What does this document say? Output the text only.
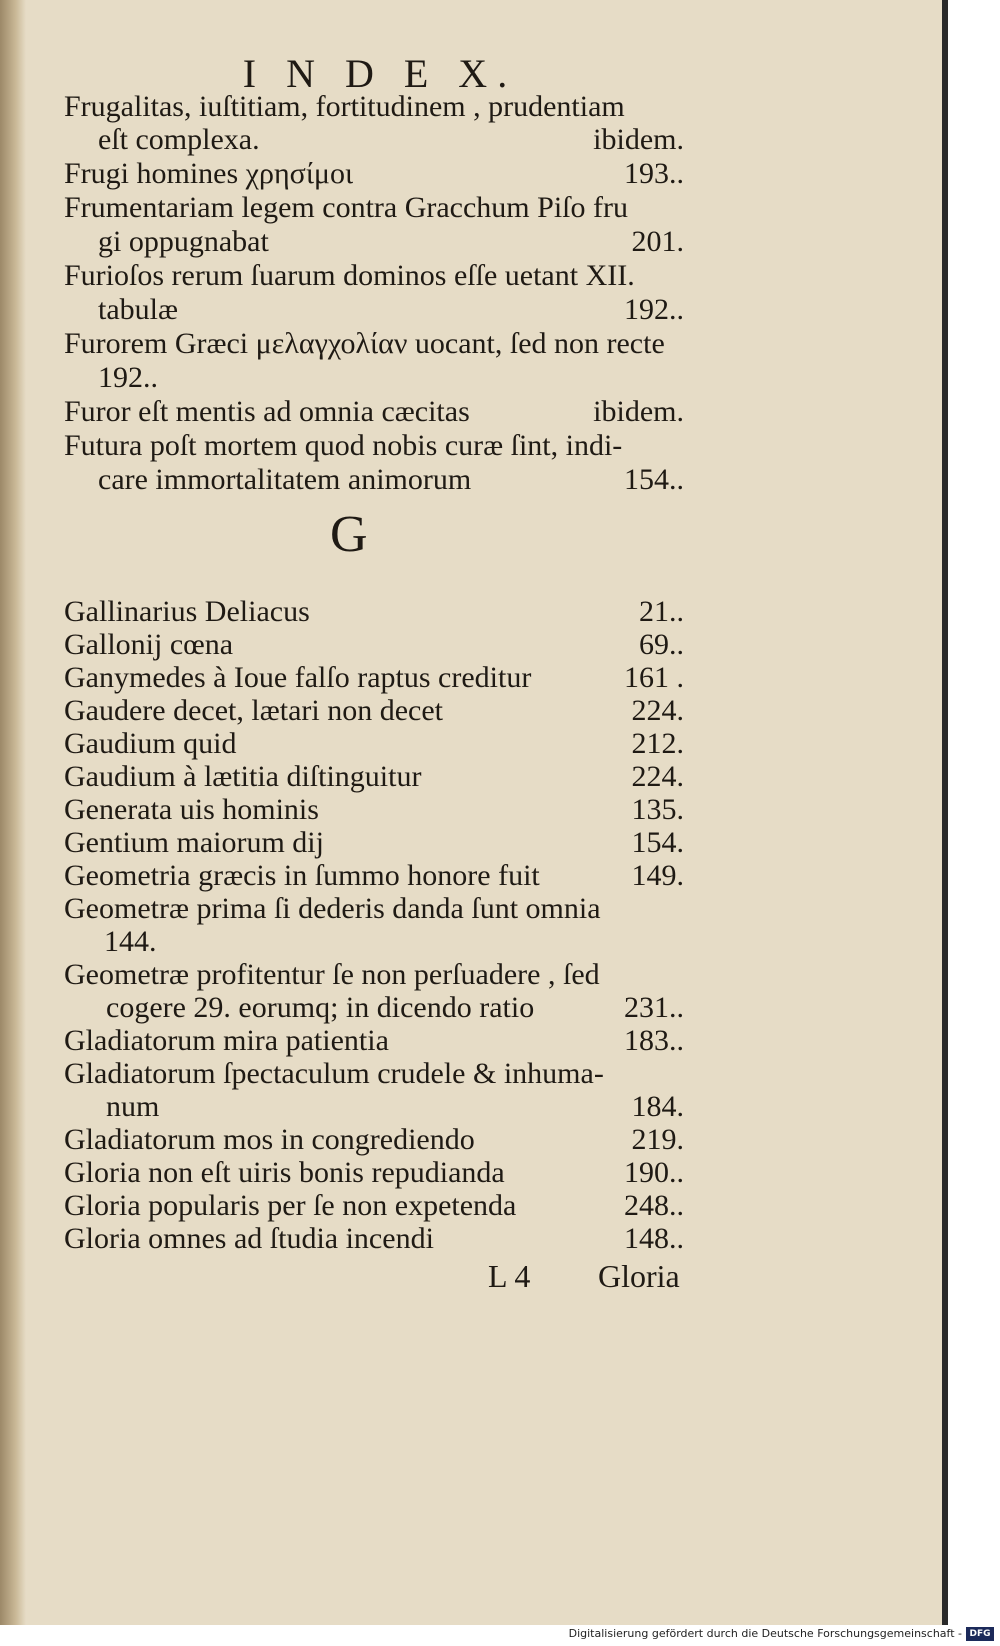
I N D E X.
Frugalitas, iuſtitiam, fortitudinem , prudentiam
eſt complexa.	ibidem.
Frugi homines χρησίμοι	193..
Frumentariam legem contra Gracchum Piſo fru
gi oppugnabat	201.
Furioſos rerum ſuarum dominos eſſe uetant XII.
tabulæ	192..
Furorem Græci μελαγχολίαν uocant, ſed non recte
192..
Furor eſt mentis ad omnia cæcitas	ibidem.
Futura poſt mortem quod nobis curæ ſint, indi-
care immortalitatem animorum	154..
G
Gallinarius Deliacus	21..
Gallonij cœna	69..
Ganymedes à Ioue falſo raptus creditur	161 .
Gaudere decet, lætari non decet	224.
Gaudium quid	212.
Gaudium à lætitia diſtinguitur	224.
Generata uis hominis	135.
Gentium maiorum dij	154.
Geometria græcis in ſummo honore fuit	149.
Geometræ prima ſi dederis danda ſunt omnia
144.
Geometræ profitentur ſe non perſuadere , ſed
cogere 29. eorumq; in dicendo ratio	231..
Gladiatorum mira patientia	183..
Gladiatorum ſpectaculum crudele & inhuma-
num	184.
Gladiatorum mos in congrediendo	219.
Gloria non eſt uiris bonis repudianda	190..
Gloria popularis per ſe non expetenda	248..
Gloria omnes ad ſtudia incendi	148..
L 4 Gloria
Digitalisierung gefördert durch die Deutsche Forschungsgemeinschaft - DFG
